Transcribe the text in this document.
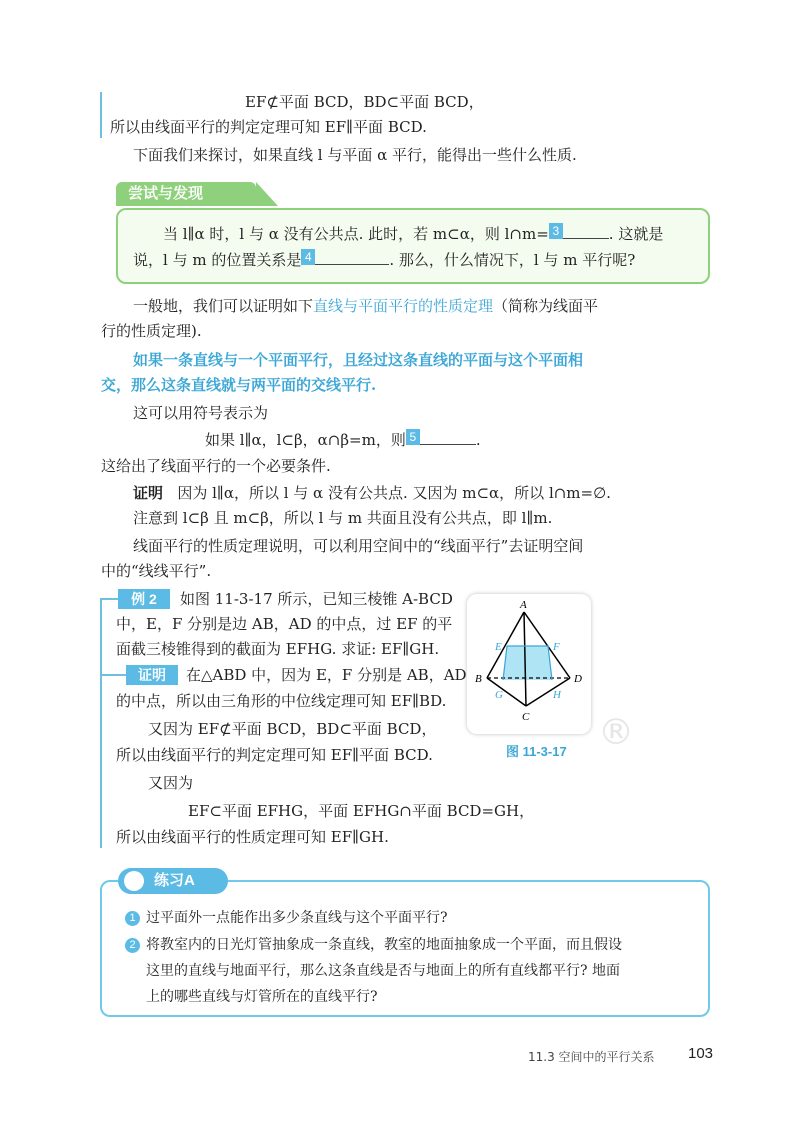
EF⊄平面 BCD，BD⊂平面 BCD，
所以由线面平行的判定定理可知 EF∥平面 BCD.
下面我们来探讨，如果直线 l 与平面 α 平行，能得出一些什么性质.
尝试与发现
当 l∥α 时，l 与 α 没有公共点. 此时，若 m⊂α，则 l∩m= 3	. 这就是
说，l 与 m 的位置关系是 4	. 那么，什么情况下，l 与 m 平行呢?
一般地，我们可以证明如下直线与平面平行的性质定理（简称为线面平
行的性质定理).
如果一条直线与一个平面平行，且经过这条直线的平面与这个平面相
交，那么这条直线就与两平面的交线平行.
这可以用符号表示为
如果 l∥α，l⊂β，α∩β=m，则 5	.
这给出了线面平行的一个必要条件.
证明 因为 l∥α，所以 l 与 α 没有公共点. 又因为 m⊂α，所以 l∩m=∅.
注意到 l⊂β 且 m⊂β，所以 l 与 m 共面且没有公共点，即 l∥m.
线面平行的性质定理说明，可以利用空间中的“线面平行”去证明空间
中的“线线平行”.
例 2	如图 11-3-17 所示，已知三棱锥 A-BCD
中，E，F 分别是边 AB，AD 的中点，过 EF 的平
面截三棱锥得到的截面为 EFHG. 求证: EF∥GH.
证明	在△ABD 中，因为 E，F 分别是 AB，AD
的中点，所以由三角形的中位线定理可知 EF∥BD.
又因为 EF⊄平面 BCD，BD⊂平面 BCD，
所以由线面平行的判定定理可知 EF∥平面 BCD.
又因为
EF⊂平面 EFHG，平面 EFHG∩平面 BCD=GH，
所以由线面平行的性质定理可知 EF∥GH.
A
B
C
D
E	F
G	H
图 11-3-17 ®
练习A
1 过平面外一点能作出多少条直线与这个平面平行?
2 将教室内的日光灯管抽象成一条直线，教室的地面抽象成一个平面，而且假设
这里的直线与地面平行，那么这条直线是否与地面上的所有直线都平行? 地面
上的哪些直线与灯管所在的直线平行?
11.3 空间中的平行关系 103
